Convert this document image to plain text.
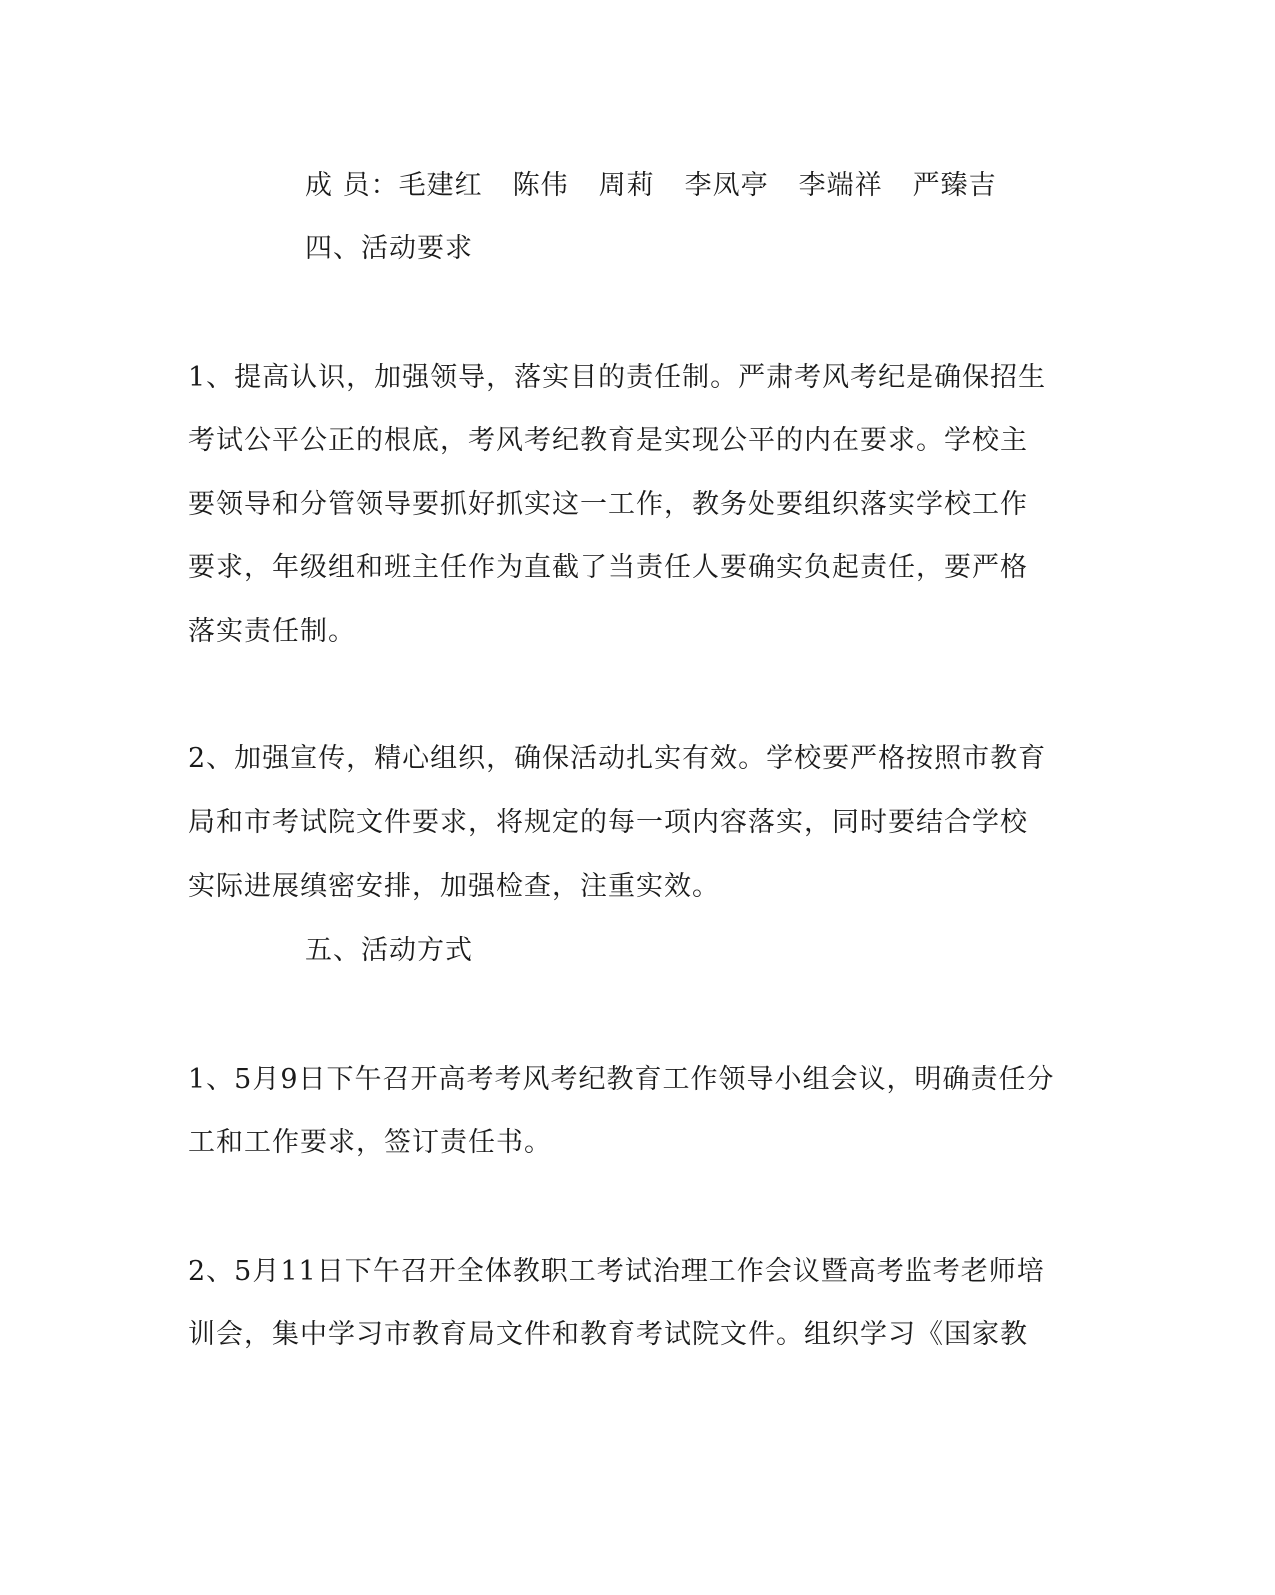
成 员：毛建红 陈伟 周莉 李凤亭 李端祥 严臻吉
四、活动要求
1、提高认识，加强领导，落实目的责任制。严肃考风考纪是确保招生
考试公平公正的根底，考风考纪教育是实现公平的内在要求。学校主
要领导和分管领导要抓好抓实这一工作，教务处要组织落实学校工作
要求，年级组和班主任作为直截了当责任人要确实负起责任，要严格
落实责任制。
2、加强宣传，精心组织，确保活动扎实有效。学校要严格按照市教育
局和市考试院文件要求，将规定的每一项内容落实，同时要结合学校
实际进展缜密安排，加强检查，注重实效。
五、活动方式
1、5月9日下午召开高考考风考纪教育工作领导小组会议，明确责任分
工和工作要求，签订责任书。
2、5月11日下午召开全体教职工考试治理工作会议暨高考监考老师培
训会，集中学习市教育局文件和教育考试院文件。组织学习《国家教
